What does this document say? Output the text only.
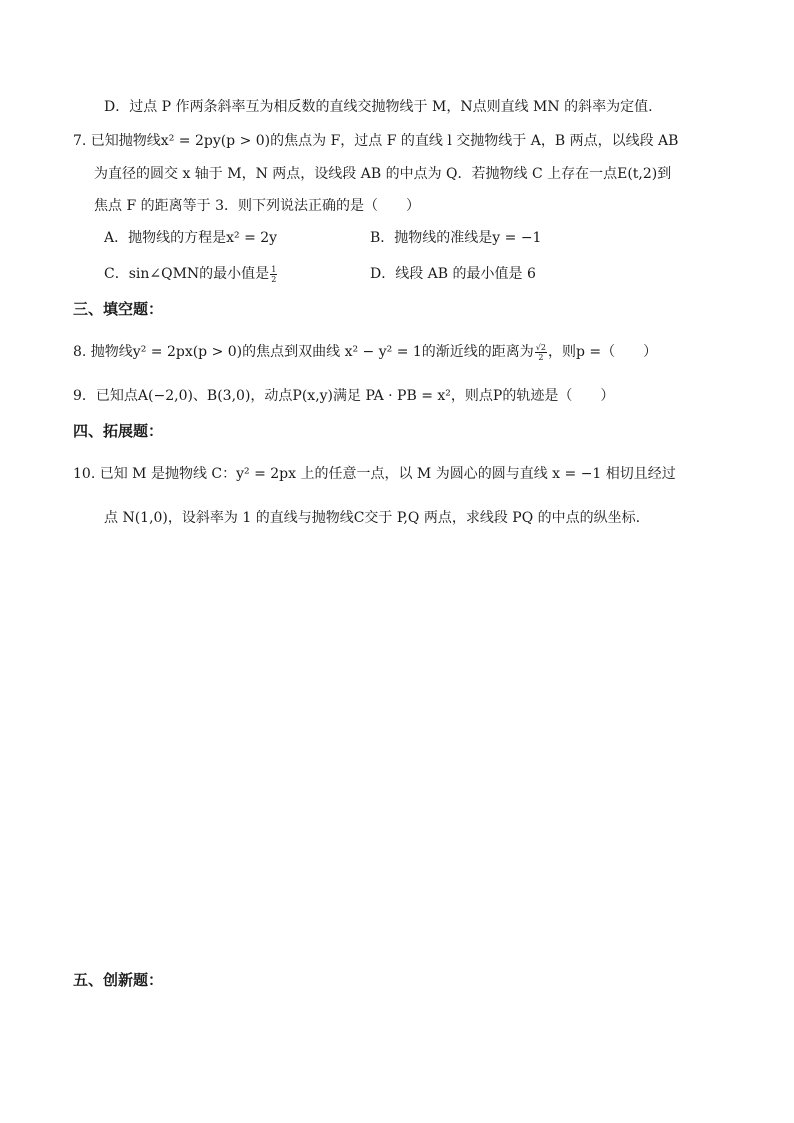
D．过点 P 作两条斜率互为相反数的直线交抛物线于 M，N点则直线 MN 的斜率为定值.
7. 已知抛物线x² = 2py(p > 0)的焦点为 F，过点 F 的直线 l 交抛物线于 A，B 两点，以线段 AB
为直径的圆交 x 轴于 M，N 两点，设线段 AB 的中点为 Q．若抛物线 C 上存在一点E(t,2)到
焦点 F 的距离等于 3．则下列说法正确的是（　　）
A．抛物线的方程是x² = 2y	B．抛物线的准线是y = −1
C．sin∠QMN的最小值是 $\frac{1}{2}$	D．线段 AB 的最小值是 6
三、填空题：
8. 抛物线y² = 2px(p > 0)的焦点到双曲线 x² − y² = 1的渐近线的距离为 $\frac{√2}{2}$ ，则p =（　　）
9．已知点A(−2,0)、B(3,0)，动点P(x,y)满足 PA · PB = x²，则点P的轨迹是（　　）
四、拓展题：
10. 已知 M 是抛物线 C：y² = 2px 上的任意一点，以 M 为圆心的圆与直线 x = −1 相切且经过
点 N(1,0)，设斜率为 1 的直线与抛物线C交于 P,Q 两点，求线段 PQ 的中点的纵坐标.
五、创新题：
